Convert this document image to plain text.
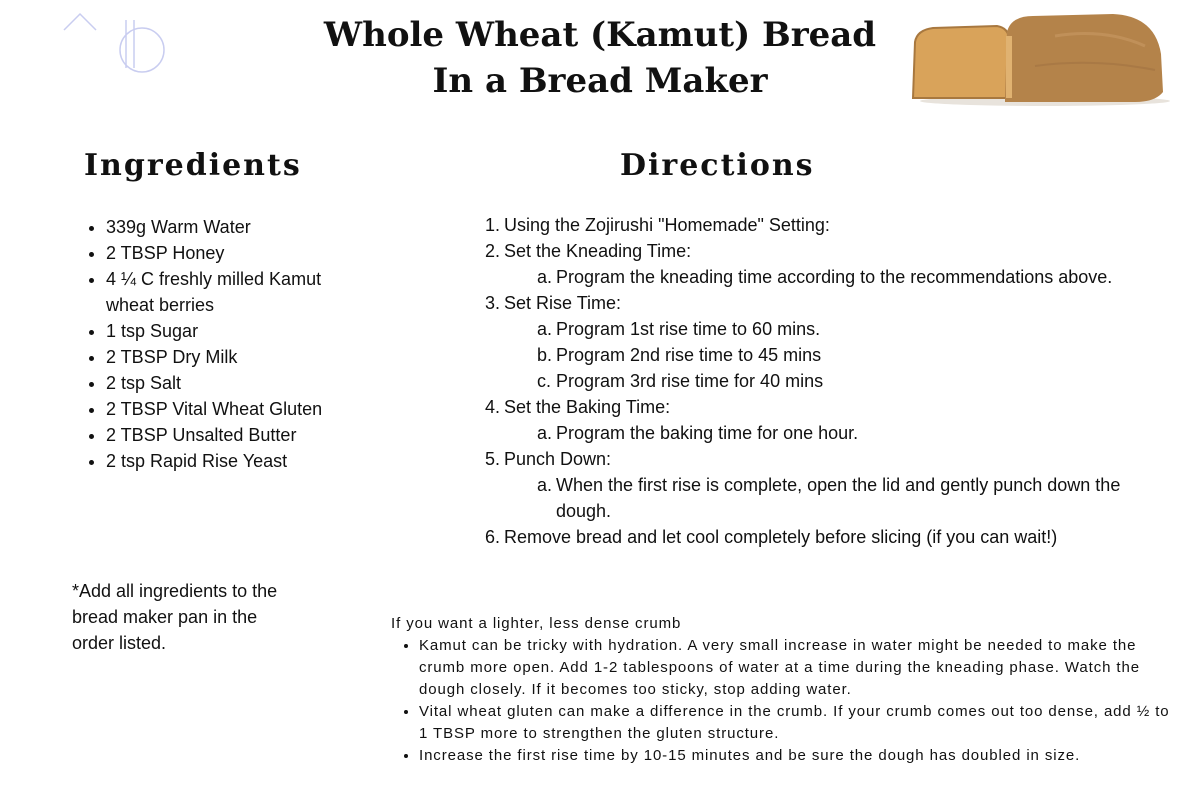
Whole Wheat (Kamut) Bread
In a Bread Maker
Ingredients
• 339g Warm Water
• 2 TBSP Honey
• 4 ¼ C freshly milled Kamut wheat berries
• 1 tsp Sugar
• 2 TBSP Dry Milk
• 2 tsp Salt
• 2 TBSP Vital Wheat Gluten
• 2 TBSP Unsalted Butter
• 2 tsp Rapid Rise Yeast

*Add all ingredients to the bread maker pan in the order listed.

Directions
1. Using the Zojirushi "Homemade" Setting:
2. Set the Kneading Time:
a. Program the kneading time according to the recommendations above.
3. Set Rise Time:
a. Program 1st rise time to 60 mins.
b. Program 2nd rise time to 45 mins
c. Program 3rd rise time for 40 mins
4. Set the Baking Time:
a. Program the baking time for one hour.
5. Punch Down:
a. When the first rise is complete, open the lid and gently punch down the dough.
6. Remove bread and let cool completely before slicing (if you can wait!)

If you want a lighter, less dense crumb

• Kamut can be tricky with hydration. A very small increase in water might be needed to make the crumb more open. Add 1-2 tablespoons of water at a time during the kneading phase. Watch the dough closely. If it becomes too sticky, stop adding water.
• Vital wheat gluten can make a difference in the crumb. If your crumb comes out too dense, add ½ to 1 TBSP more to strengthen the gluten structure.
• Increase the first rise time by 10-15 minutes and be sure the dough has doubled in size.
